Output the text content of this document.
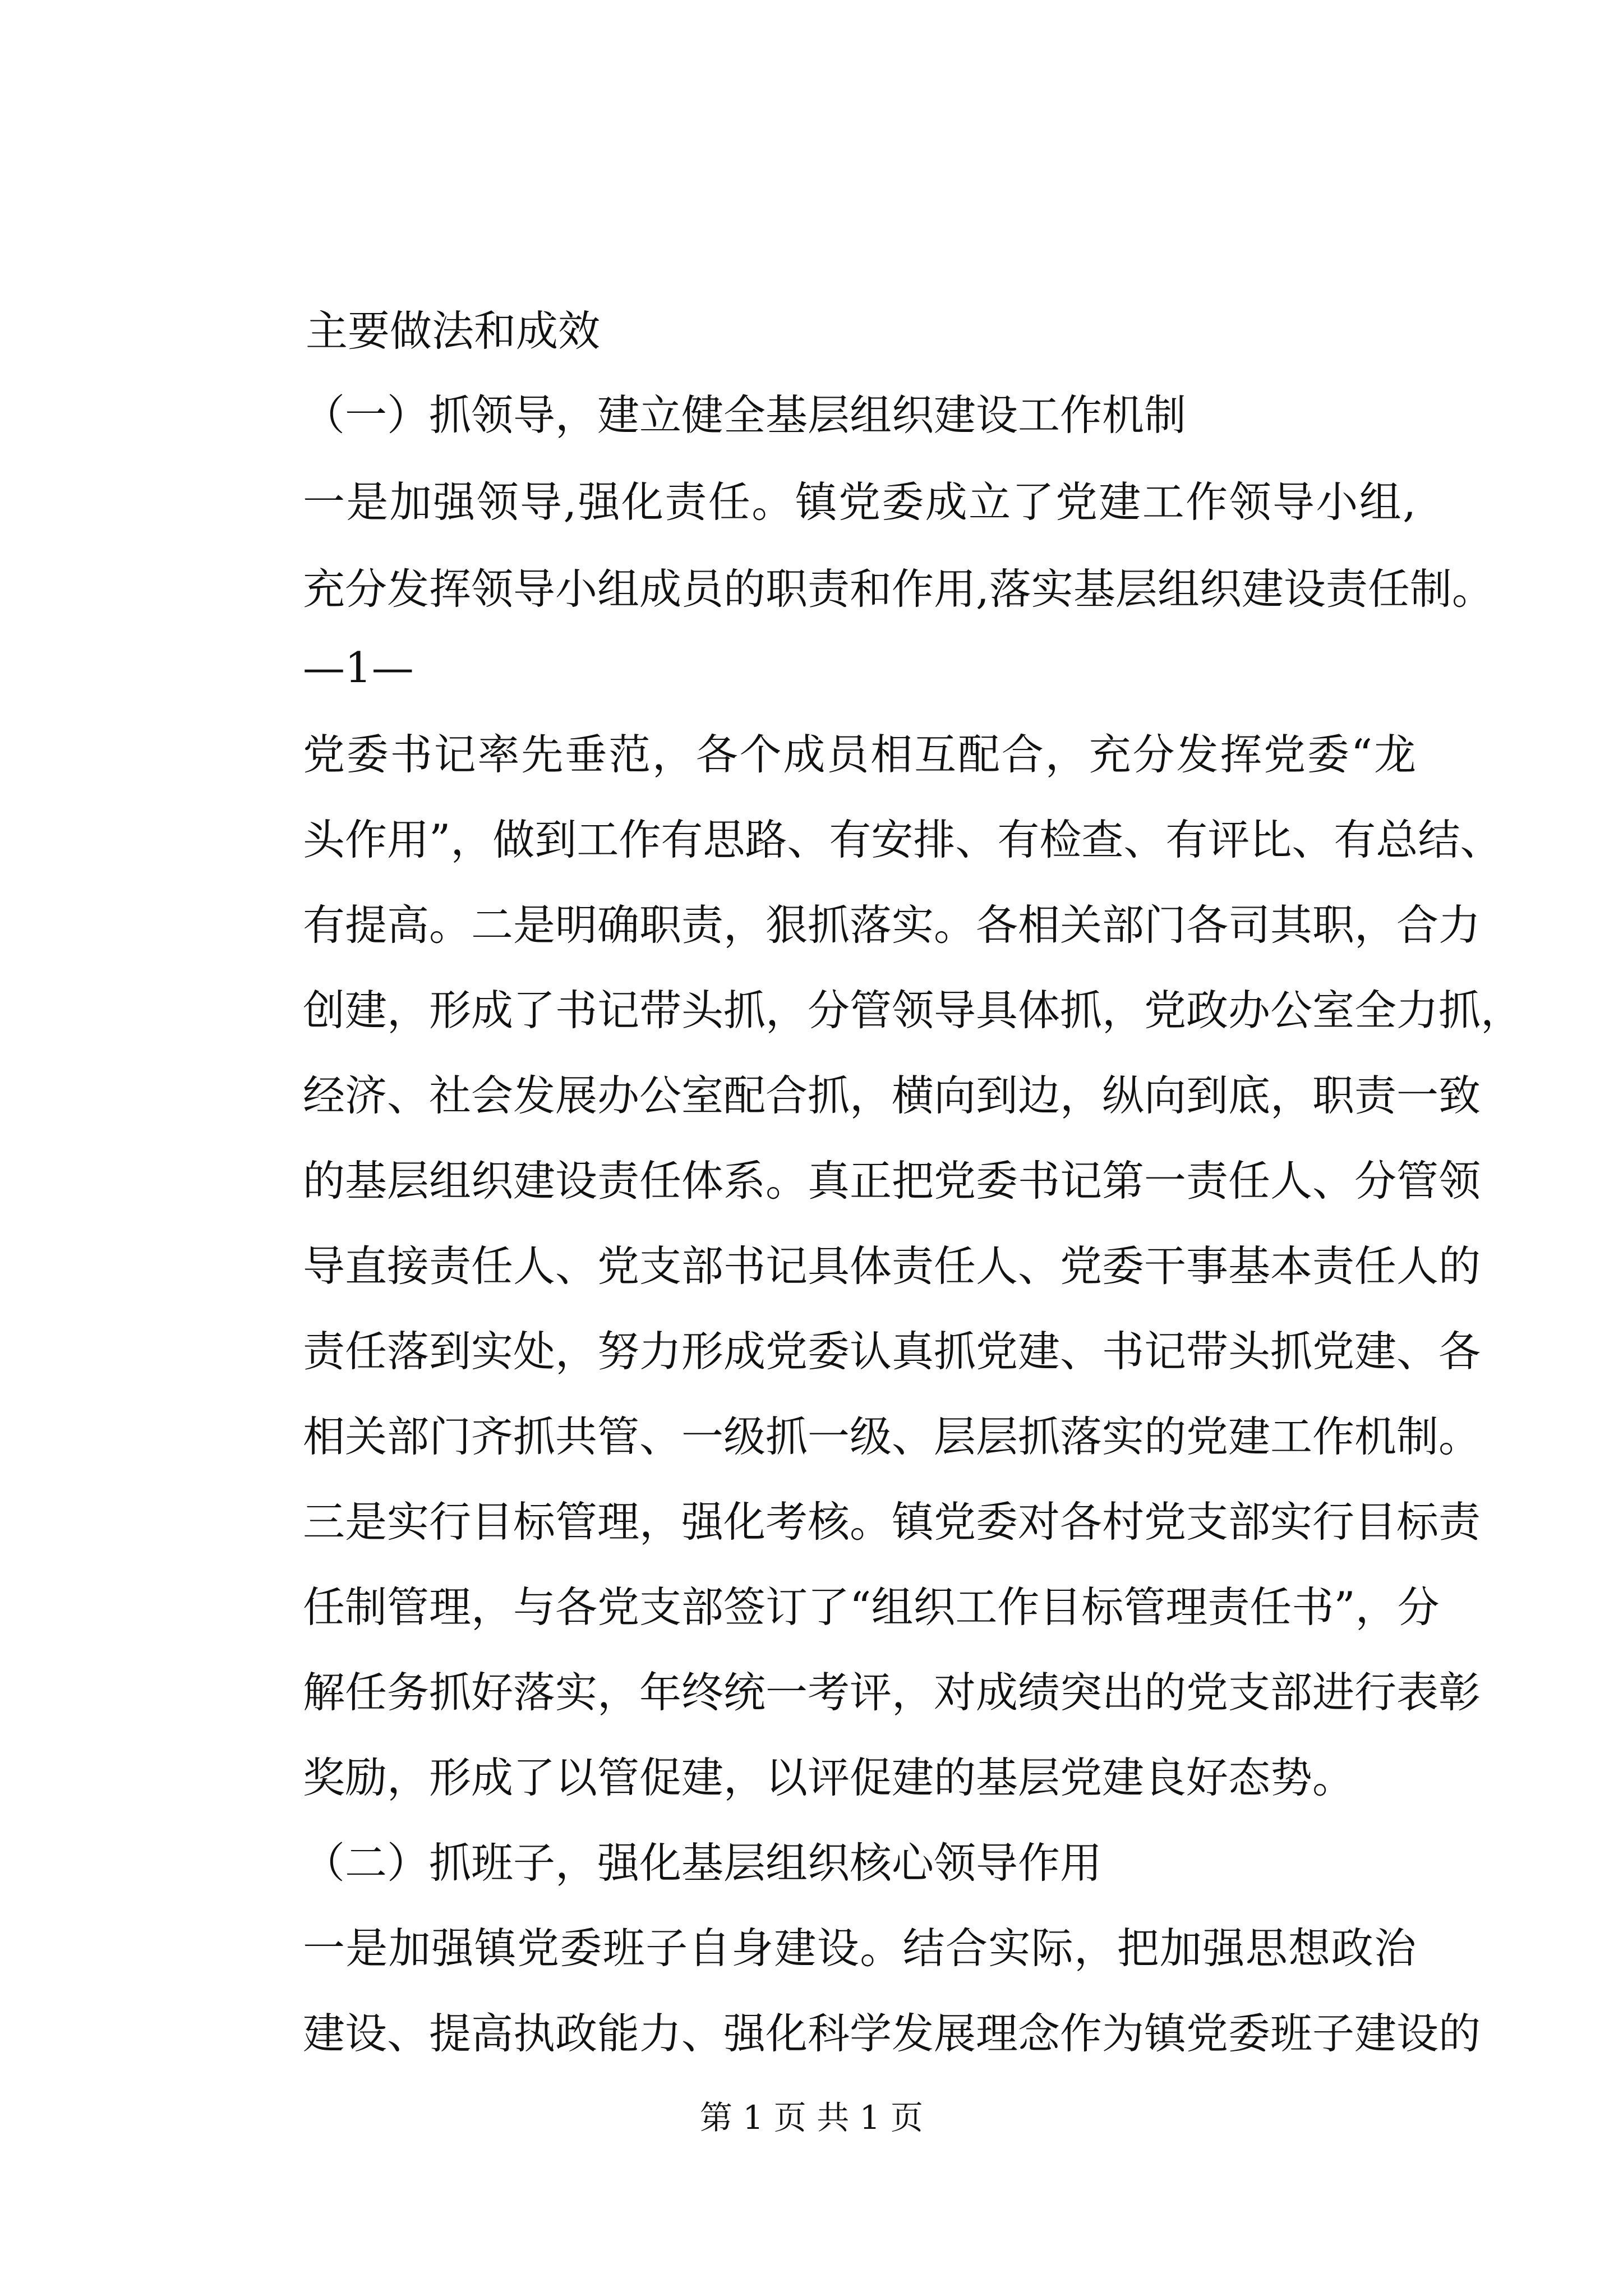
主要做法和成效

（一）抓领导，建立健全基层组织建设工作机制

一是加强领导,强化责任。镇党委成立了党建工作领导小组,

充分发挥领导小组成员的职责和作用,落实基层组织建设责任制。

—1—

党委书记率先垂范，各个成员相互配合，充分发挥党委“龙

头作用”，做到工作有思路、有安排、有检查、有评比、有总结、

有提高。二是明确职责，狠抓落实。各相关部门各司其职，合力

创建，形成了书记带头抓，分管领导具体抓，党政办公室全力抓，

经济、社会发展办公室配合抓，横向到边，纵向到底，职责一致

的基层组织建设责任体系。真正把党委书记第一责任人、分管领

导直接责任人、党支部书记具体责任人、党委干事基本责任人的

责任落到实处，努力形成党委认真抓党建、书记带头抓党建、各

相关部门齐抓共管、一级抓一级、层层抓落实的党建工作机制。

三是实行目标管理，强化考核。镇党委对各村党支部实行目标责

任制管理，与各党支部签订了“组织工作目标管理责任书”，分

解任务抓好落实，年终统一考评，对成绩突出的党支部进行表彰

奖励，形成了以管促建，以评促建的基层党建良好态势。

（二）抓班子，强化基层组织核心领导作用

一是加强镇党委班子自身建设。结合实际，把加强思想政治

建设、提高执政能力、强化科学发展理念作为镇党委班子建设的

第 1 页 共 1 页
